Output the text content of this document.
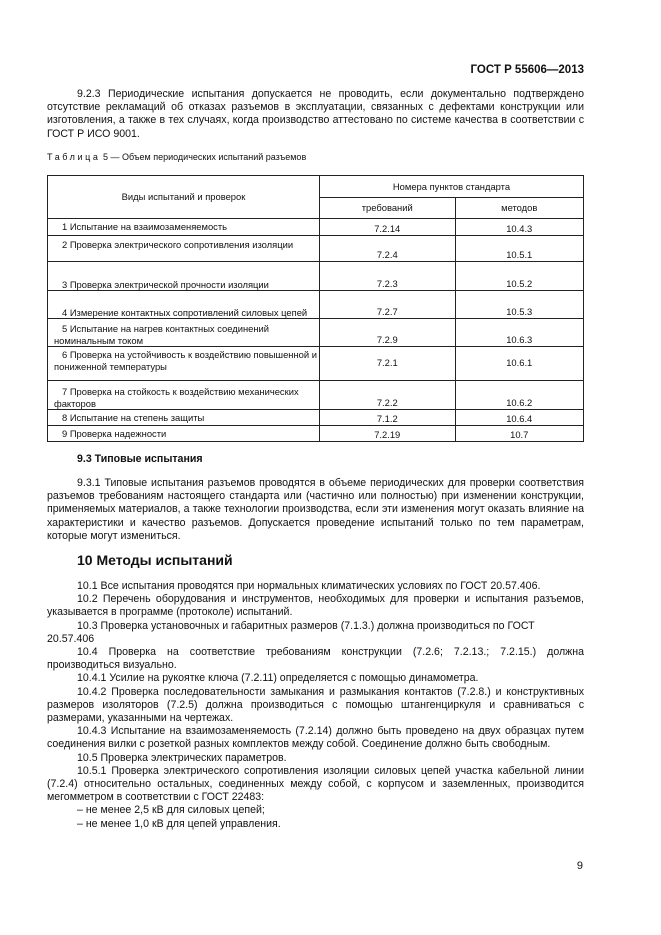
ГОСТ Р 55606—2013

9.2.3 Периодические испытания допускается не проводить, если документально подтверждено отсутствие рекламаций об отказах разъемов в эксплуатации, связанных с дефектами конструкции или изготовления, а также в тех случаях, когда производство аттестовано по системе качества в соответствии с ГОСТ Р ИСО 9001.

Таблица 5 — Объем периодических испытаний разъемов
Виды испытаний и проверок	Номера пунктов стандарта	
	требований	методов
1 Испытание на взаимозаменяемость	7.2.14	10.4.3
2 Проверка электрического сопротивления изоляции	7.2.4	10.5.1
3 Проверка электрической прочности изоляции	7.2.3	10.5.2
4 Измерение контактных сопротивлений силовых цепей	7.2.7	10.5.3
5 Испытание на нагрев контактных соединений номинальным током	7.2.9	10.6.3
6 Проверка на устойчивость к воздействию повышенной и пониженной температуры	7.2.1	10.6.1
7 Проверка на стойкость к воздействию механических факторов	7.2.2	10.6.2
8 Испытание на степень защиты	7.1.2	10.6.4
9 Проверка надежности	7.2.19	10.7
9.3 Типовые испытания

9.3.1 Типовые испытания разъемов проводятся в объеме периодических для проверки соответствия разъемов требованиям настоящего стандарта или (частично или полностью) при изменении конструкции, применяемых материалов, а также технологии производства, если эти изменения могут оказать влияние на характеристики и качество разъемов. Допускается проведение испытаний только по тем параметрам, которые могут измениться.

10 Методы испытаний

10.1 Все испытания проводятся при нормальных климатических условиях по ГОСТ 20.57.406.

10.2 Перечень оборудования и инструментов, необходимых для проверки и испытания разъемов, указывается в программе (протоколе) испытаний.

10.3 Проверка установочных и габаритных размеров (7.1.3.) должна производиться по ГОСТ

20.57.406

10.4 Проверка на соответствие требованиям конструкции (7.2.6; 7.2.13.; 7.2.15.) должна производиться визуально.

10.4.1 Усилие на рукоятке ключа (7.2.11) определяется с помощью динамометра.

10.4.2 Проверка последовательности замыкания и размыкания контактов (7.2.8.) и конструктивных размеров изоляторов (7.2.5) должна производиться с помощью штангенциркуля и сравниваться с размерами, указанными на чертежах.

10.4.3 Испытание на взаимозаменяемость (7.2.14) должно быть проведено на двух образцах путем соединения вилки с розеткой разных комплектов между собой. Соединение должно быть свободным.

10.5 Проверка электрических параметров.

10.5.1 Проверка электрического сопротивления изоляции силовых цепей участка кабельной линии (7.2.4) относительно остальных, соединенных между собой, с корпусом и заземленных, производится мегомметром в соответствии с ГОСТ 22483:

– не менее 2,5 кВ для силовых цепей;

– не менее 1,0 кВ для цепей управления.

9
